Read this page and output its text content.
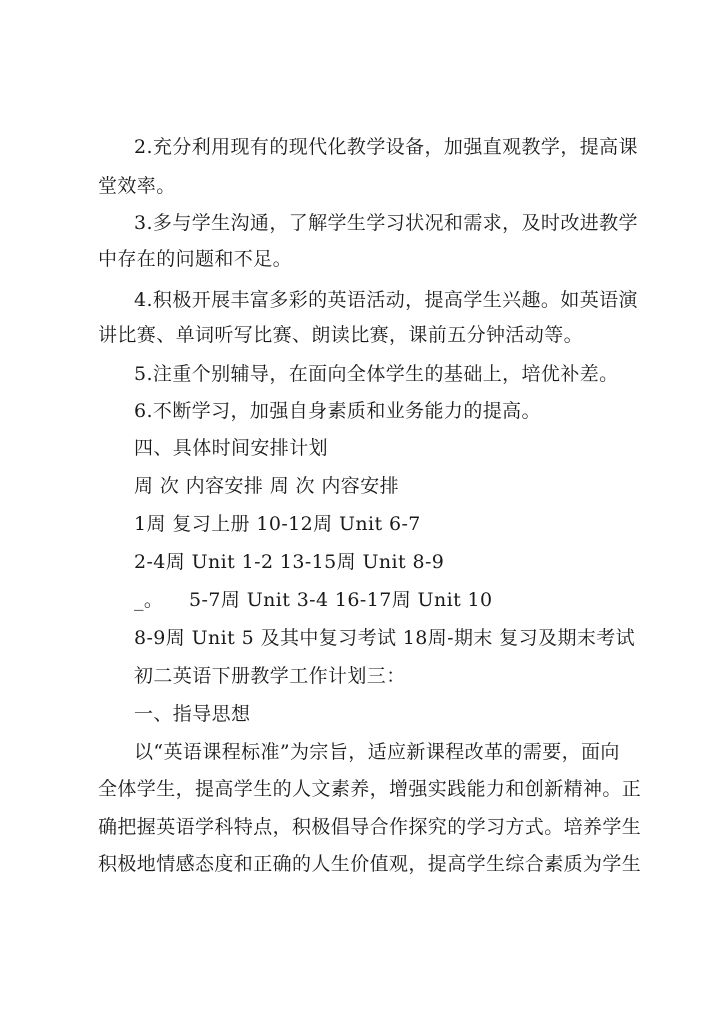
2.充分利用现有的现代化教学设备，加强直观教学，提高课
堂效率。
3.多与学生沟通，了解学生学习状况和需求，及时改进教学
中存在的问题和不足。
4.积极开展丰富多彩的英语活动，提高学生兴趣。如英语演
讲比赛、单词听写比赛、朗读比赛，课前五分钟活动等。
5.注重个别辅导，在面向全体学生的基础上，培优补差。
6.不断学习，加强自身素质和业务能力的提高。
四、具体时间安排计划
周 次 内容安排 周 次 内容安排
1周 复习上册 10-12周 Unit 6-7
2-4周 Unit 1-2 13-15周 Unit 8-9
_。    5-7周 Unit 3-4 16-17周 Unit 10
8-9周 Unit 5 及其中复习考试 18周-期末 复习及期末考试
初二英语下册教学工作计划三：
一、指导思想
以“英语课程标准”为宗旨，适应新课程改革的需要，面向
全体学生，提高学生的人文素养，增强实践能力和创新精神。正
确把握英语学科特点，积极倡导合作探究的学习方式。培养学生
积极地情感态度和正确的人生价值观，提高学生综合素质为学生
